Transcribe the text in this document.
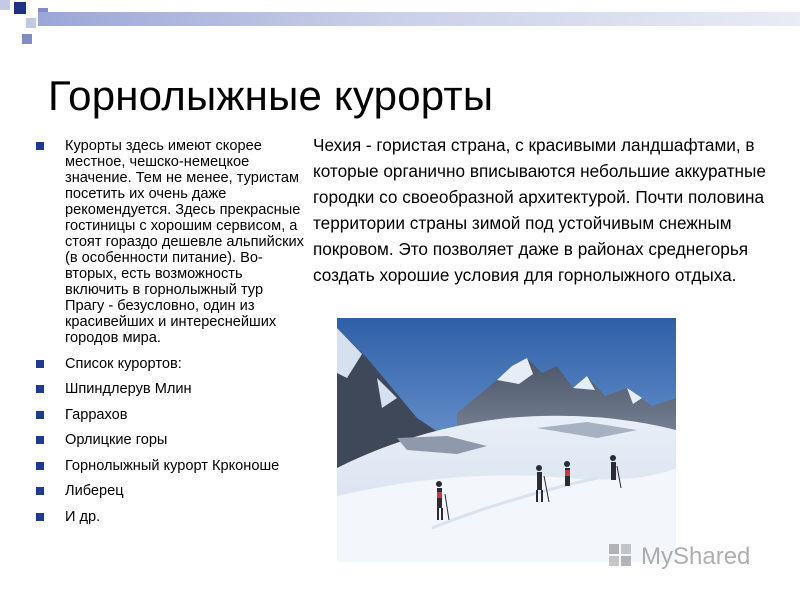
Горнолыжные курорты
Курорты здесь имеют скорее местное, чешско-немецкое значение. Тем не менее, туристам посетить их очень даже рекомендуется. Здесь прекрасные гостиницы с хорошим сервисом, а стоят гораздо дешевле альпийских (в особенности питание). Во-вторых, есть возможность включить в горнолыжный тур Прагу - безусловно, один из красивейших и интереснейших городов мира.
Список курортов:
Шпиндлерув Млин
Гаррахов
Орлицкие горы
Горнолыжный курорт Крконоше
Либерец
И др.

Чехия - гористая страна, с красивыми ландшафтами, в которые органично вписываются небольшие аккуратные городки со своеобразной архитектурой. Почти половина территории страны зимой под устойчивым снежным покровом. Это позволяет даже в районах среднегорья создать хорошие условия для горнолыжного отдыха.

MyShared
